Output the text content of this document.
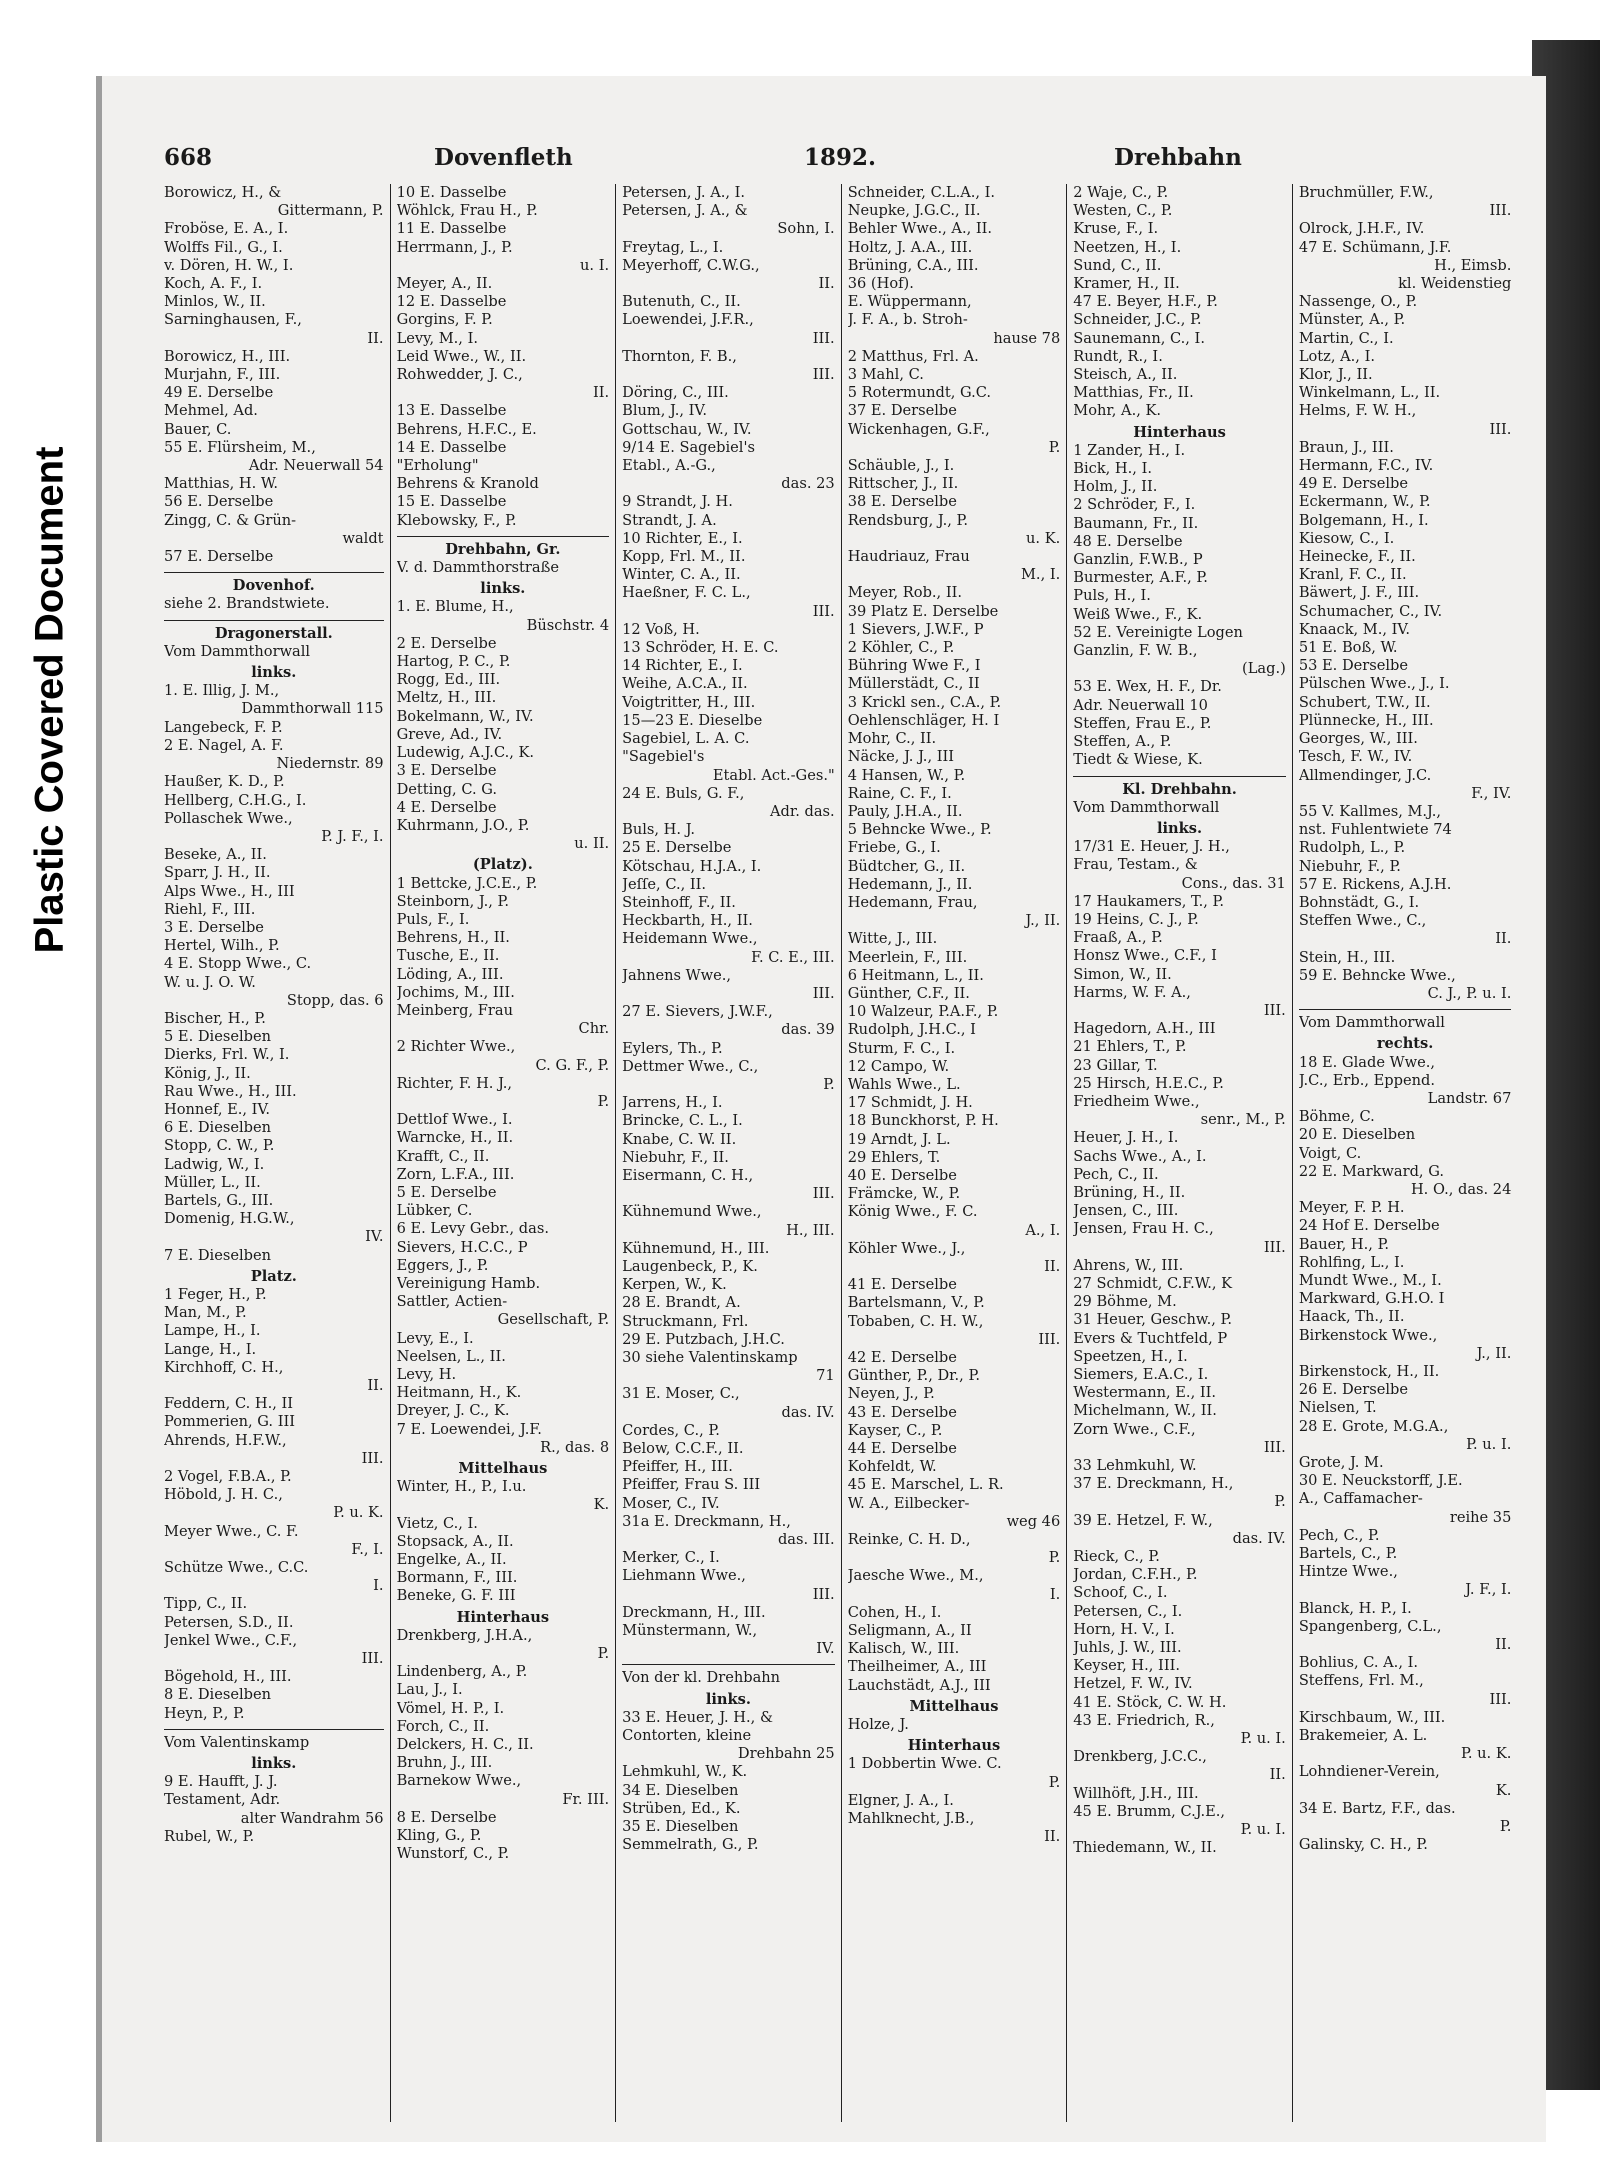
Plastic Covered Document
668	Dovenfleth	1892.	Drehbahn
Borowicz, H., &
Gittermann, P.
Froböse, E. A., I.
Wolffs Fil., G., I.
v. Dören, H. W., I.
Koch, A. F., I.
Minlos, W., II.
Sarninghausen, F.,
II.
Borowicz, H., III.
Murjahn, F., III.
49 E. Derselbe
Mehmel, Ad.
Bauer, C.
55 E. Flürsheim, M.,
Adr. Neuerwall 54
Matthias, H. W.
56 E. Derselbe
Zingg, C. & Grün-
waldt
57 E. Derselbe
Dovenhof.
siehe 2. Brandstwiete.
Dragonerstall.
Vom Dammthorwall
links.
1. E. Illig, J. M.,
Dammthorwall 115
Langebeck, F. P.
2 E. Nagel, A. F.
Niedernstr. 89
Haußer, K. D., P.
Hellberg, C.H.G., I.
Pollaschek Wwe.,
P. J. F., I.
Beseke, A., II.
Sparr, J. H., II.
Alps Wwe., H., III
Riehl, F., III.
3 E. Derselbe
Hertel, Wilh., P.
4 E. Stopp Wwe., C.
W. u. J. O. W.
Stopp, das. 6
Bischer, H., P.
5 E. Dieselben
Dierks, Frl. W., I.
König, J., II.
Rau Wwe., H., III.
Honnef, E., IV.
6 E. Dieselben
Stopp, C. W., P.
Ladwig, W., I.
Müller, L., II.
Bartels, G., III.
Domenig, H.G.W.,
IV.
7 E. Dieselben
Platz.
1 Feger, H., P.
Man, M., P.
Lampe, H., I.
Lange, H., I.
Kirchhoff, C. H.,
II.
Feddern, C. H., II
Pommerien, G. III
Ahrends, H.F.W.,
III.
2 Vogel, F.B.A., P.
Höbold, J. H. C.,
P. u. K.
Meyer Wwe., C. F.
F., I.
Schütze Wwe., C.C.
I.
Tipp, C., II.
Petersen, S.D., II.
Jenkel Wwe., C.F.,
III.
Bögehold, H., III.
8 E. Dieselben
Heyn, P., P.
Vom Valentinskamp
links.
9 E. Haufft, J. J.
Testament, Adr.
alter Wandrahm 56
Rubel, W., P.
10 E. Dasselbe
Wöhlck, Frau H., P.
11 E. Dasselbe
Herrmann, J., P.
u. I.
Meyer, A., II.
12 E. Dasselbe
Gorgins, F. P.
Levy, M., I.
Leid Wwe., W., II.
Rohwedder, J. C.,
II.
13 E. Dasselbe
Behrens, H.F.C., E.
14 E. Dasselbe
"Erholung"
Behrens & Kranold
15 E. Dasselbe
Klebowsky, F., P.
Drehbahn, Gr.
V. d. Dammthorstraße
links.
1. E. Blume, H.,
Büschstr. 4
2 E. Derselbe
Hartog, P. C., P.
Rogg, Ed., III.
Meltz, H., III.
Bokelmann, W., IV.
Greve, Ad., IV.
Ludewig, A.J.C., K.
3 E. Derselbe
Detting, C. G.
4 E. Derselbe
Kuhrmann, J.O., P.
u. II.
(Platz).
1 Bettcke, J.C.E., P.
Steinborn, J., P.
Puls, F., I.
Behrens, H., II.
Tusche, E., II.
Löding, A., III.
Jochims, M., III.
Meinberg, Frau
Chr.
2 Richter Wwe.,
C. G. F., P.
Richter, F. H. J.,
P.
Dettlof Wwe., I.
Warncke, H., II.
Krafft, C., II.
Zorn, L.F.A., III.
5 E. Derselbe
Lübker, C.
6 E. Levy Gebr., das.
Sievers, H.C.C., P
Eggers, J., P.
Vereinigung Hamb.
Sattler, Actien-
Gesellschaft, P.
Levy, E., I.
Neelsen, L., II.
Levy, H.
Heitmann, H., K.
Dreyer, J. C., K.
7 E. Loewendei, J.F.
R., das. 8
Mittelhaus
Winter, H., P., I.u.
K.
Vietz, C., I.
Stopsack, A., II.
Engelke, A., II.
Bormann, F., III.
Beneke, G. F. III
Hinterhaus
Drenkberg, J.H.A.,
P.
Lindenberg, A., P.
Lau, J., I.
Vömel, H. P., I.
Forch, C., II.
Delckers, H. C., II.
Bruhn, J., III.
Barnekow Wwe.,
Fr. III.
8 E. Derselbe
Kling, G., P.
Wunstorf, C., P.
Petersen, J. A., I.
Petersen, J. A., &
Sohn, I.
Freytag, L., I.
Meyerhoff, C.W.G.,
II.
Butenuth, C., II.
Loewendei, J.F.R.,
III.
Thornton, F. B.,
III.
Döring, C., III.
Blum, J., IV.
Gottschau, W., IV.
9/14 E. Sagebiel's
Etabl., A.-G.,
das. 23
9 Strandt, J. H.
Strandt, J. A.
10 Richter, E., I.
Kopp, Frl. M., II.
Winter, C. A., II.
Haeßner, F. C. L.,
III.
12 Voß, H.
13 Schröder, H. E. C.
14 Richter, E., I.
Weihe, A.C.A., II.
Voigtritter, H., III.
15—23 E. Dieselbe
Sagebiel, L. A. C.
"Sagebiel's
Etabl. Act.-Ges."
24 E. Buls, G. F.,
Adr. das.
Buls, H. J.
25 E. Derselbe
Kötschau, H.J.A., I.
Jeſſe, C., II.
Steinhoff, F., II.
Heckbarth, H., II.
Heidemann Wwe.,
F. C. E., III.
Jahnens Wwe.,
III.
27 E. Sievers, J.W.F.,
das. 39
Eylers, Th., P.
Dettmer Wwe., C.,
P.
Jarrens, H., I.
Brincke, C. L., I.
Knabe, C. W. II.
Niebuhr, F., II.
Eisermann, C. H.,
III.
Kühnemund Wwe.,
H., III.
Kühnemund, H., III.
Laugenbeck, P., K.
Kerpen, W., K.
28 E. Brandt, A.
Struckmann, Frl.
29 E. Putzbach, J.H.C.
30 siehe Valentinskamp
71
31 E. Moser, C.,
das. IV.
Cordes, C., P.
Below, C.C.F., II.
Pfeiffer, H., III.
Pfeiffer, Frau S. III
Moser, C., IV.
31a E. Dreckmann, H.,
das. III.
Merker, C., I.
Liehmann Wwe.,
III.
Dreckmann, H., III.
Münstermann, W.,
IV.
Von der kl. Drehbahn
links.
33 E. Heuer, J. H., &
Contorten, kleine
Drehbahn 25
Lehmkuhl, W., K.
34 E. Dieselben
Strüben, Ed., K.
35 E. Dieselben
Semmelrath, G., P.
Schneider, C.L.A., I.
Neupke, J.G.C., II.
Behler Wwe., A., II.
Holtz, J. A.A., III.
Brüning, C.A., III.
36 (Hof).
E. Wüppermann,
J. F. A., b. Stroh-
hause 78
2 Matthus, Frl. A.
3 Mahl, C.
5 Rotermundt, G.C.
37 E. Derselbe
Wickenhagen, G.F.,
P.
Schäuble, J., I.
Rittscher, J., II.
38 E. Derselbe
Rendsburg, J., P.
u. K.
Haudriauz, Frau
M., I.
Meyer, Rob., II.
39 Platz E. Derselbe
1 Sievers, J.W.F., P
2 Köhler, C., P.
Bühring Wwe F., I
Müllerstädt, C., II
3 Krickl sen., C.A., P.
Oehlenschläger, H. I
Mohr, C., II.
Näcke, J. J., III
4 Hansen, W., P.
Raine, C. F., I.
Pauly, J.H.A., II.
5 Behncke Wwe., P.
Friebe, G., I.
Büdtcher, G., II.
Hedemann, J., II.
Hedemann, Frau,
J., II.
Witte, J., III.
Meerlein, F., III.
6 Heitmann, L., II.
Günther, C.F., II.
10 Walzeur, P.A.F., P.
Rudolph, J.H.C., I
Sturm, F. C., I.
12 Campo, W.
Wahls Wwe., L.
17 Schmidt, J. H.
18 Bunckhorst, P. H.
19 Arndt, J. L.
29 Ehlers, T.
40 E. Derselbe
Främcke, W., P.
König Wwe., F. C.
A., I.
Köhler Wwe., J.,
II.
41 E. Derselbe
Bartelsmann, V., P.
Tobaben, C. H. W.,
III.
42 E. Derselbe
Günther, P., Dr., P.
Neyen, J., P.
43 E. Derselbe
Kayser, C., P.
44 E. Derselbe
Kohfeldt, W.
45 E. Marschel, L. R.
W. A., Eilbecker-
weg 46
Reinke, C. H. D.,
P.
Jaesche Wwe., M.,
I.
Cohen, H., I.
Seligmann, A., II
Kalisch, W., III.
Theilheimer, A., III
Lauchstädt, A.J., III
Mittelhaus
Holze, J.
Hinterhaus
1 Dobbertin Wwe. C.
P.
Elgner, J. A., I.
Mahlknecht, J.B.,
II.
2 Waje, C., P.
Westen, C., P.
Kruse, F., I.
Neetzen, H., I.
Sund, C., II.
Kramer, H., II.
47 E. Beyer, H.F., P.
Schneider, J.C., P.
Saunemann, C., I.
Rundt, R., I.
Steisch, A., II.
Matthias, Fr., II.
Mohr, A., K.
Hinterhaus
1 Zander, H., I.
Bick, H., I.
Holm, J., II.
2 Schröder, F., I.
Baumann, Fr., II.
48 E. Derselbe
Ganzlin, F.W.B., P
Burmester, A.F., P.
Puls, H., I.
Weiß Wwe., F., K.
52 E. Vereinigte Logen
Ganzlin, F. W. B.,
(Lag.)
53 E. Wex, H. F., Dr.
Adr. Neuerwall 10
Steffen, Frau E., P.
Steffen, A., P.
Tiedt & Wiese, K.
Kl. Drehbahn.
Vom Dammthorwall
links.
17/31 E. Heuer, J. H.,
Frau, Testam., &
Cons., das. 31
17 Haukamers, T., P.
19 Heins, C. J., P.
Fraaß, A., P.
Honsz Wwe., C.F., I
Simon, W., II.
Harms, W. F. A.,
III.
Hagedorn, A.H., III
21 Ehlers, T., P.
23 Gillar, T.
25 Hirsch, H.E.C., P.
Friedheim Wwe.,
senr., M., P.
Heuer, J. H., I.
Sachs Wwe., A., I.
Pech, C., II.
Brüning, H., II.
Jensen, C., III.
Jensen, Frau H. C.,
III.
Ahrens, W., III.
27 Schmidt, C.F.W., K
29 Böhme, M.
31 Heuer, Geschw., P.
Evers & Tuchtfeld, P
Speetzen, H., I.
Siemers, E.A.C., I.
Westermann, E., II.
Michelmann, W., II.
Zorn Wwe., C.F.,
III.
33 Lehmkuhl, W.
37 E. Dreckmann, H.,
P.
39 E. Hetzel, F. W.,
das. IV.
Rieck, C., P.
Jordan, C.F.H., P.
Schoof, C., I.
Petersen, C., I.
Horn, H. V., I.
Juhls, J. W., III.
Keyser, H., III.
Hetzel, F. W., IV.
41 E. Stöck, C. W. H.
43 E. Friedrich, R.,
P. u. I.
Drenkberg, J.C.C.,
II.
Willhöft, J.H., III.
45 E. Brumm, C.J.E.,
P. u. I.
Thiedemann, W., II.
Bruchmüller, F.W.,
III.
Olrock, J.H.F., IV.
47 E. Schümann, J.F.
H., Eimsb.
kl. Weidenstieg
Nassenge, O., P.
Münster, A., P.
Martin, C., I.
Lotz, A., I.
Klor, J., II.
Winkelmann, L., II.
Helms, F. W. H.,
III.
Braun, J., III.
Hermann, F.C., IV.
49 E. Derselbe
Eckermann, W., P.
Bolgemann, H., I.
Kiesow, C., I.
Heinecke, F., II.
Kranl, F. C., II.
Bäwert, J. F., III.
Schumacher, C., IV.
Knaack, M., IV.
51 E. Boß, W.
53 E. Derselbe
Pülschen Wwe., J., I.
Schubert, T.W., II.
Plünnecke, H., III.
Georges, W., III.
Tesch, F. W., IV.
Allmendinger, J.C.
F., IV.
55 V. Kallmes, M.J.,
nst. Fuhlentwiete 74
Rudolph, L., P.
Niebuhr, F., P.
57 E. Rickens, A.J.H.
Bohnstädt, G., I.
Steffen Wwe., C.,
II.
Stein, H., III.
59 E. Behncke Wwe.,
C. J., P. u. I.
Vom Dammthorwall
rechts.
18 E. Glade Wwe.,
J.C., Erb., Eppend.
Landstr. 67
Böhme, C.
20 E. Dieselben
Voigt, C.
22 E. Markward, G.
H. O., das. 24
Meyer, F. P. H.
24 Hof E. Derselbe
Bauer, H., P.
Rohlfing, L., I.
Mundt Wwe., M., I.
Markward, G.H.O. I
Haack, Th., II.
Birkenstock Wwe.,
J., II.
Birkenstock, H., II.
26 E. Derselbe
Nielsen, T.
28 E. Grote, M.G.A.,
P. u. I.
Grote, J. M.
30 E. Neuckstorff, J.E.
A., Caffamacher-
reihe 35
Pech, C., P.
Bartels, C., P.
Hintze Wwe.,
J. F., I.
Blanck, H. P., I.
Spangenberg, C.L.,
II.
Bohlius, C. A., I.
Steffens, Frl. M.,
III.
Kirschbaum, W., III.
Brakemeier, A. L.
P. u. K.
Lohndiener-Verein,
K.
34 E. Bartz, F.F., das.
P.
Galinsky, C. H., P.
